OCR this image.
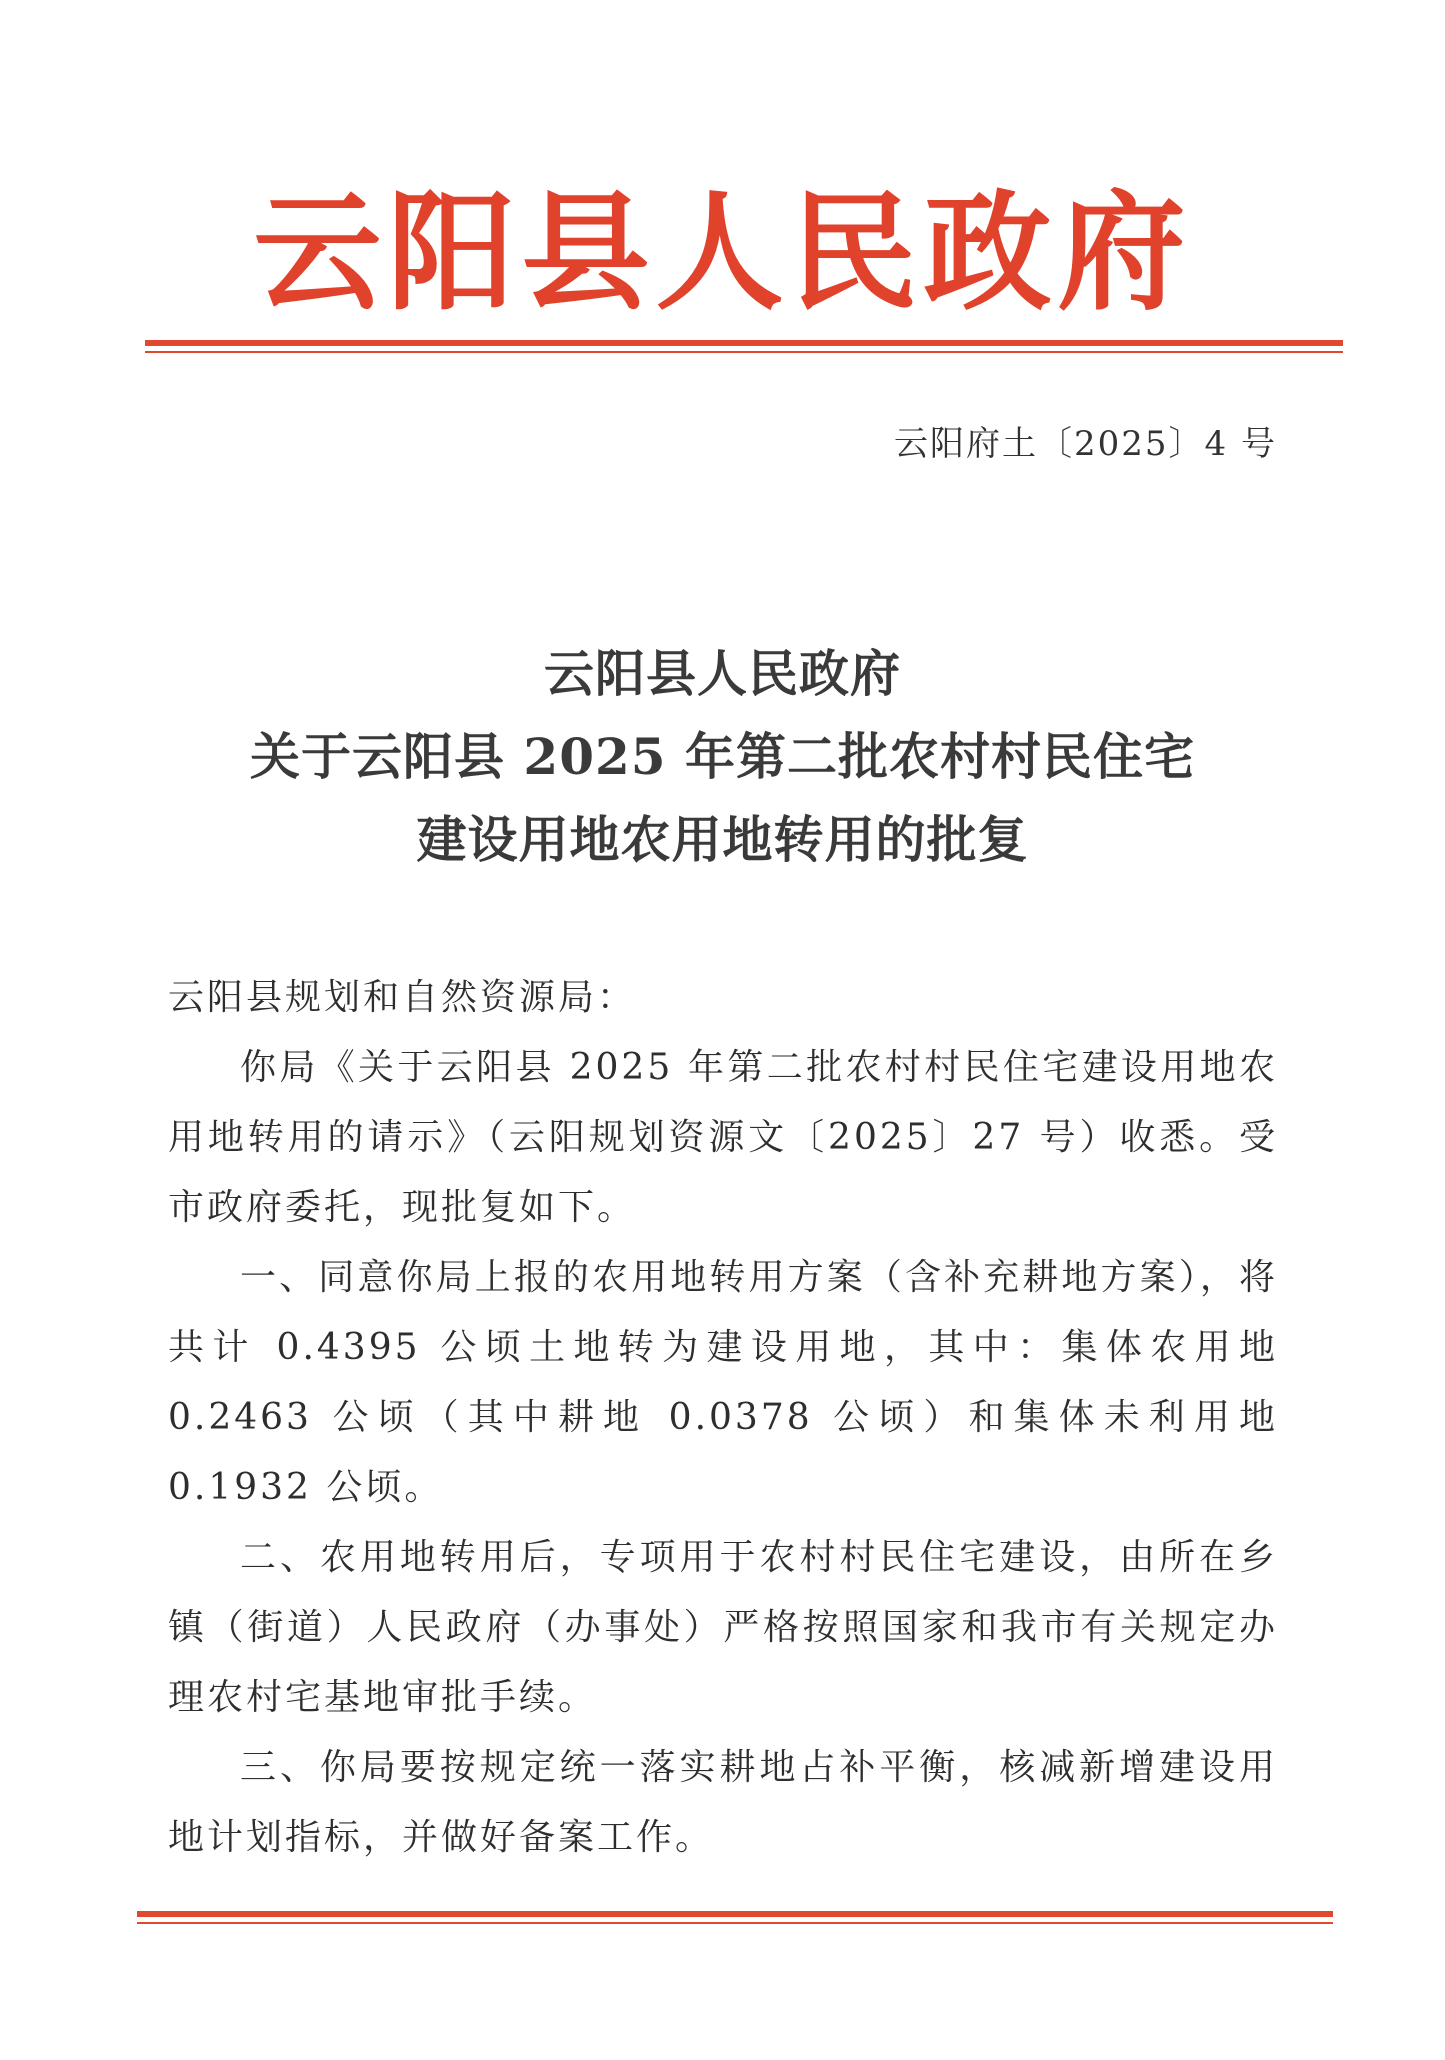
云阳县人民政府
云阳府土〔2025〕4 号
云阳县人民政府
关于云阳县 2025 年第二批农村村民住宅
建设用地农用地转用的批复

云阳县规划和自然资源局：

你局《关于云阳县 2025 年第二批农村村民住宅建设用地农用地转用的请示》（云阳规划资源文〔2025〕27 号）收悉。受市政府委托，现批复如下。

一、同意你局上报的农用地转用方案（含补充耕地方案），将共计 0.4395 公顷土地转为建设用地，其中：集体农用地 0.2463 公顷（其中耕地 0.0378 公顷）和集体未利用地 0.1932 公顷。

二、农用地转用后，专项用于农村村民住宅建设，由所在乡镇（街道）人民政府（办事处）严格按照国家和我市有关规定办理农村宅基地审批手续。

三、你局要按规定统一落实耕地占补平衡，核减新增建设用地计划指标，并做好备案工作。
